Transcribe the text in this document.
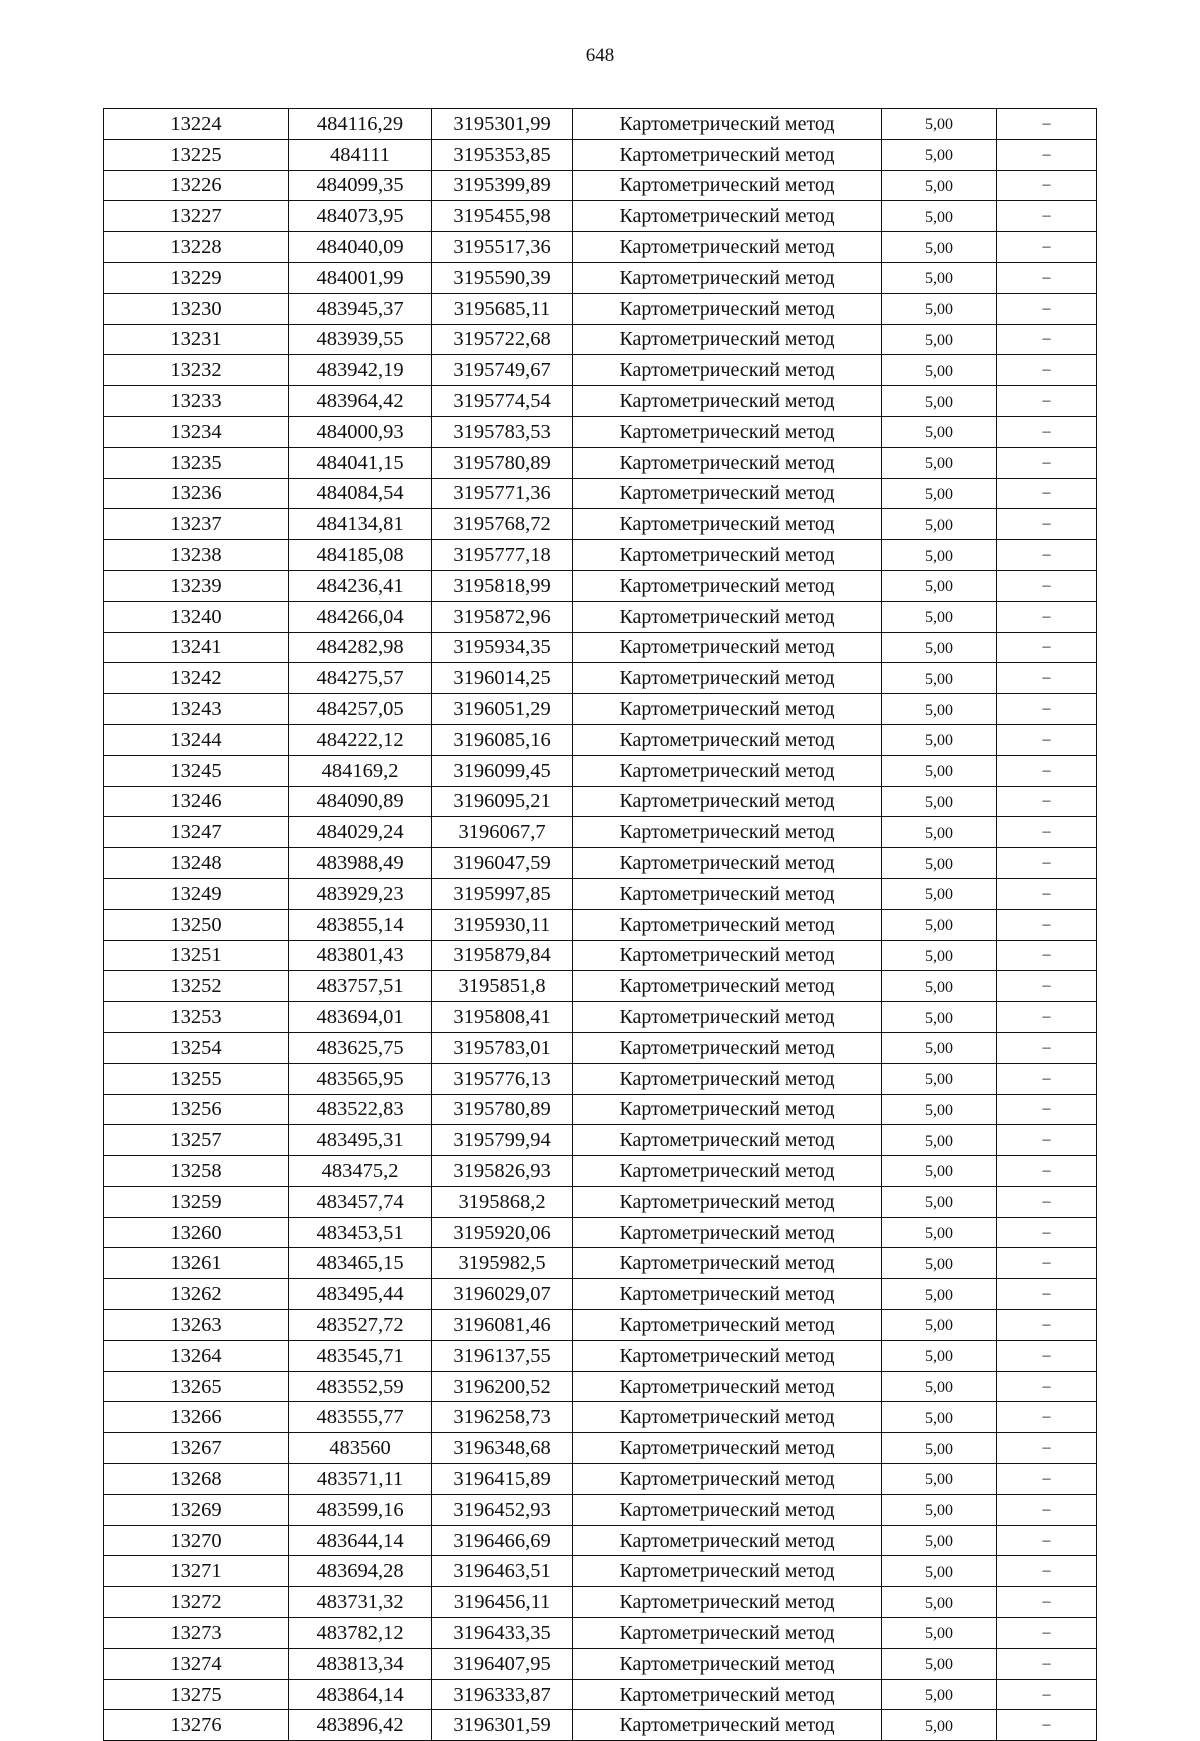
648
13224	484116,29	3195301,99	Картометрический метод	5,00	–
13225	484111	3195353,85	Картометрический метод	5,00	–
13226	484099,35	3195399,89	Картометрический метод	5,00	–
13227	484073,95	3195455,98	Картометрический метод	5,00	–
13228	484040,09	3195517,36	Картометрический метод	5,00	–
13229	484001,99	3195590,39	Картометрический метод	5,00	–
13230	483945,37	3195685,11	Картометрический метод	5,00	–
13231	483939,55	3195722,68	Картометрический метод	5,00	–
13232	483942,19	3195749,67	Картометрический метод	5,00	–
13233	483964,42	3195774,54	Картометрический метод	5,00	–
13234	484000,93	3195783,53	Картометрический метод	5,00	–
13235	484041,15	3195780,89	Картометрический метод	5,00	–
13236	484084,54	3195771,36	Картометрический метод	5,00	–
13237	484134,81	3195768,72	Картометрический метод	5,00	–
13238	484185,08	3195777,18	Картометрический метод	5,00	–
13239	484236,41	3195818,99	Картометрический метод	5,00	–
13240	484266,04	3195872,96	Картометрический метод	5,00	–
13241	484282,98	3195934,35	Картометрический метод	5,00	–
13242	484275,57	3196014,25	Картометрический метод	5,00	–
13243	484257,05	3196051,29	Картометрический метод	5,00	–
13244	484222,12	3196085,16	Картометрический метод	5,00	–
13245	484169,2	3196099,45	Картометрический метод	5,00	–
13246	484090,89	3196095,21	Картометрический метод	5,00	–
13247	484029,24	3196067,7	Картометрический метод	5,00	–
13248	483988,49	3196047,59	Картометрический метод	5,00	–
13249	483929,23	3195997,85	Картометрический метод	5,00	–
13250	483855,14	3195930,11	Картометрический метод	5,00	–
13251	483801,43	3195879,84	Картометрический метод	5,00	–
13252	483757,51	3195851,8	Картометрический метод	5,00	–
13253	483694,01	3195808,41	Картометрический метод	5,00	–
13254	483625,75	3195783,01	Картометрический метод	5,00	–
13255	483565,95	3195776,13	Картометрический метод	5,00	–
13256	483522,83	3195780,89	Картометрический метод	5,00	–
13257	483495,31	3195799,94	Картометрический метод	5,00	–
13258	483475,2	3195826,93	Картометрический метод	5,00	–
13259	483457,74	3195868,2	Картометрический метод	5,00	–
13260	483453,51	3195920,06	Картометрический метод	5,00	–
13261	483465,15	3195982,5	Картометрический метод	5,00	–
13262	483495,44	3196029,07	Картометрический метод	5,00	–
13263	483527,72	3196081,46	Картометрический метод	5,00	–
13264	483545,71	3196137,55	Картометрический метод	5,00	–
13265	483552,59	3196200,52	Картометрический метод	5,00	–
13266	483555,77	3196258,73	Картометрический метод	5,00	–
13267	483560	3196348,68	Картометрический метод	5,00	–
13268	483571,11	3196415,89	Картометрический метод	5,00	–
13269	483599,16	3196452,93	Картометрический метод	5,00	–
13270	483644,14	3196466,69	Картометрический метод	5,00	–
13271	483694,28	3196463,51	Картометрический метод	5,00	–
13272	483731,32	3196456,11	Картометрический метод	5,00	–
13273	483782,12	3196433,35	Картометрический метод	5,00	–
13274	483813,34	3196407,95	Картометрический метод	5,00	–
13275	483864,14	3196333,87	Картометрический метод	5,00	–
13276	483896,42	3196301,59	Картометрический метод	5,00	–
